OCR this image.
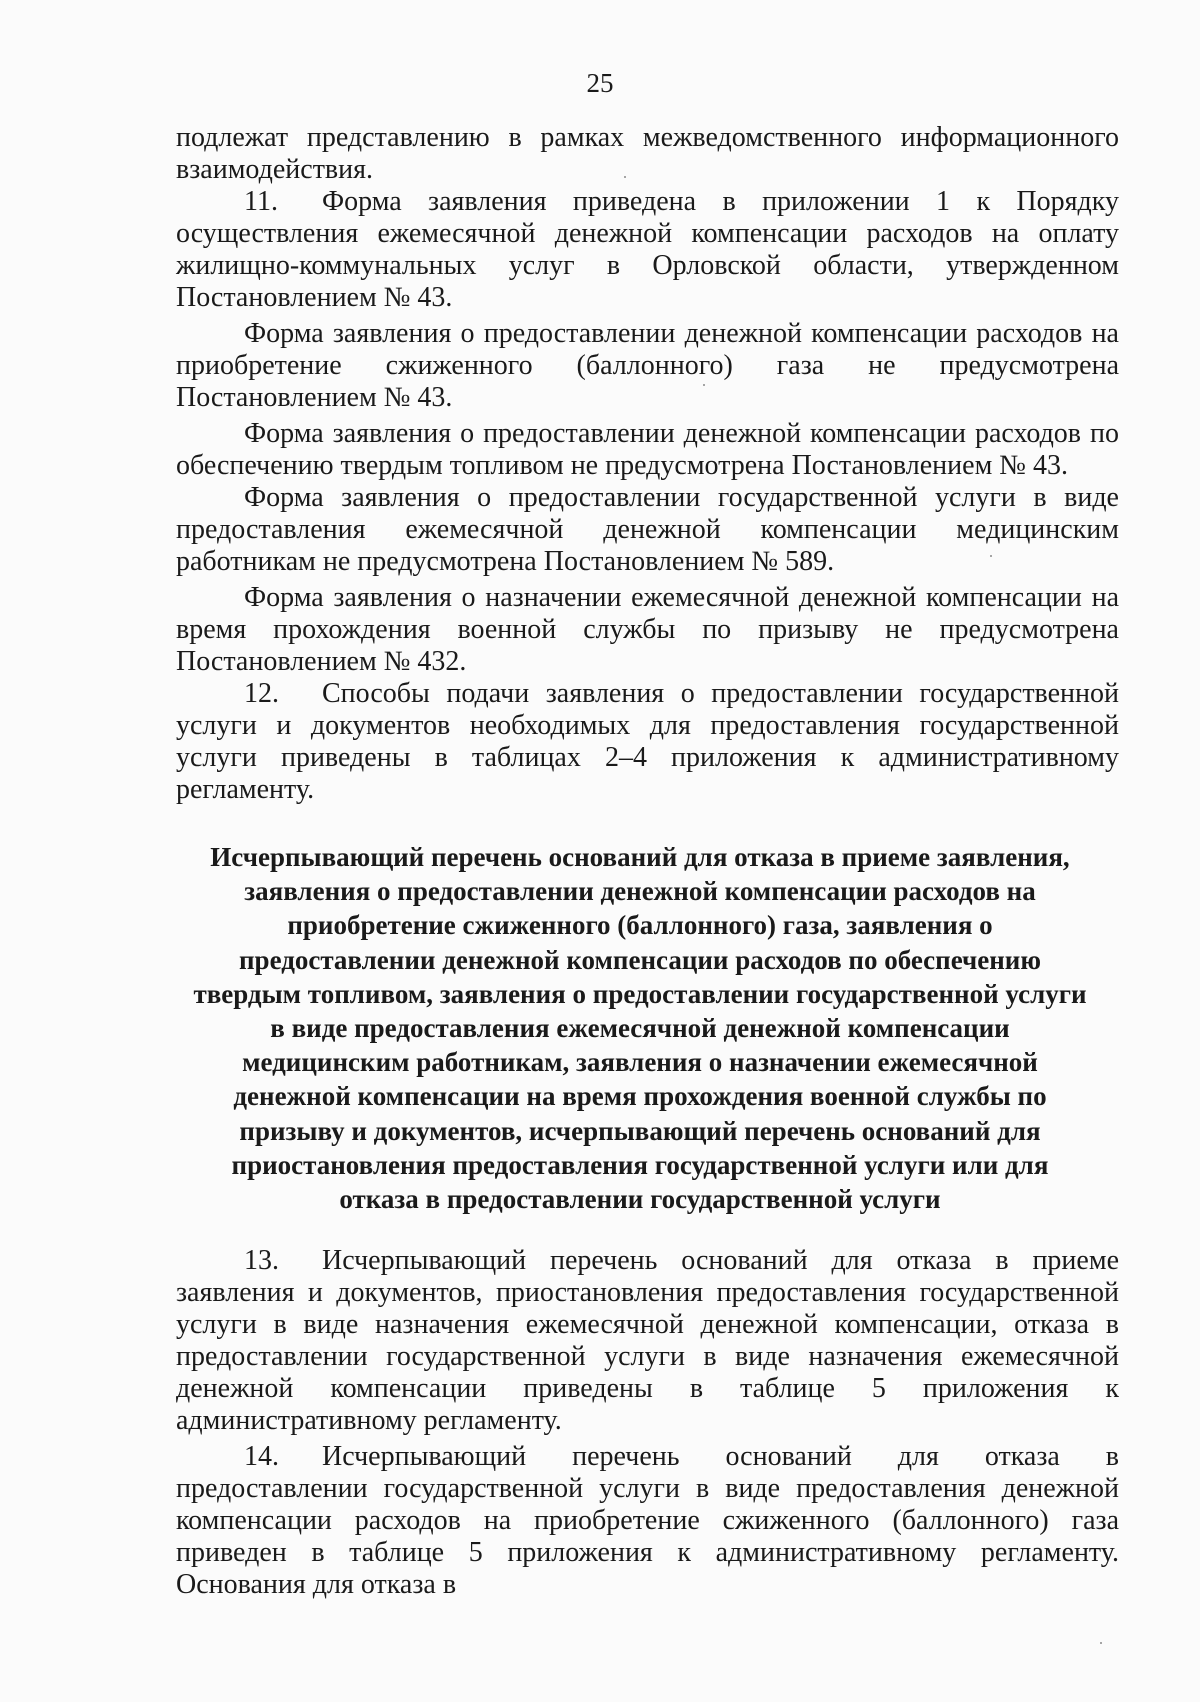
25

подлежат представлению в рамках межведомственного информационного взаимодействия.

11. Форма заявления приведена в приложении 1 к Порядку осуществления ежемесячной денежной компенсации расходов на оплату жилищно-коммунальных услуг в Орловской области, утвержденном Постановлением № 43.

Форма заявления о предоставлении денежной компенсации расходов на приобретение сжиженного (баллонного) газа не предусмотрена Постановлением № 43.

Форма заявления о предоставлении денежной компенсации расходов по обеспечению твердым топливом не предусмотрена Постановлением № 43.

Форма заявления о предоставлении государственной услуги в виде предоставления ежемесячной денежной компенсации медицинским работникам не предусмотрена Постановлением № 589.

Форма заявления о назначении ежемесячной денежной компенсации на время прохождения военной службы по призыву не предусмотрена Постановлением № 432.

12. Способы подачи заявления о предоставлении государственной услуги и документов необходимых для предоставления государственной услуги приведены в таблицах 2–4 приложения к административному регламенту.

Исчерпывающий перечень оснований для отказа в приеме заявления,
заявления о предоставлении денежной компенсации расходов на
приобретение сжиженного (баллонного) газа, заявления о
предоставлении денежной компенсации расходов по обеспечению
твердым топливом, заявления о предоставлении государственной услуги
в виде предоставления ежемесячной денежной компенсации
медицинским работникам, заявления о назначении ежемесячной
денежной компенсации на время прохождения военной службы по
призыву и документов, исчерпывающий перечень оснований для
приостановления предоставления государственной услуги или для
отказа в предоставлении государственной услуги

13. Исчерпывающий перечень оснований для отказа в приеме заявления и документов, приостановления предоставления государственной услуги в виде назначения ежемесячной денежной компенсации, отказа в предоставлении государственной услуги в виде назначения ежемесячной денежной компенсации приведены в таблице 5 приложения к административному регламенту.

14. Исчерпывающий перечень оснований для отказа в предоставлении государственной услуги в виде предоставления денежной компенсации расходов на приобретение сжиженного (баллонного) газа приведен в таблице 5 приложения к административному регламенту. Основания для отказа в
